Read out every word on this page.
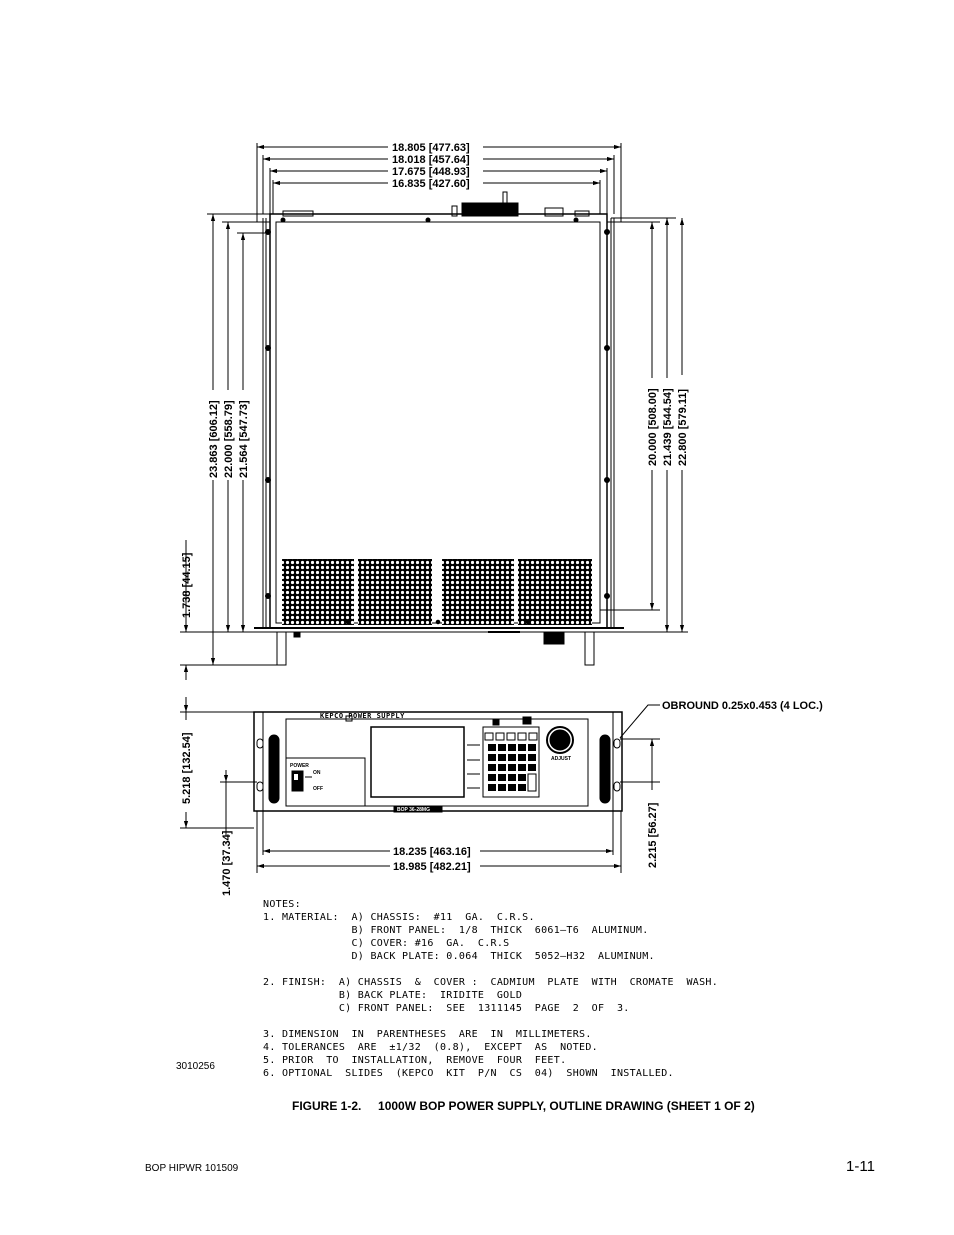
18.805 [477.63]
18.018 [457.64]
17.675 [448.93]
16.835 [427.60]
23.863 [606.12] 22.000 [558.79] 21.564 [547.73]
1.738 [44.15]
20.000 [508.00] 21.439 [544.54] 22.800 [579.11]
KEPCO POWER SUPPLY
BOP 36-28MG
POWER
ON
OFF
ADJUST
5.218 [132.54]
1.470 [37.34]	2.215 [56.27]
18.235 [463.16]
18.985 [482.21]
OBROUND 0.25x0.453 (4 LOC.)
NOTES:
1. MATERIAL:  A) CHASSIS:  #11  GA.  C.R.S.
B) FRONT PANEL:  1/8  THICK  6061–T6  ALUMINUM.
C) COVER: #16  GA.  C.R.S
D) BACK PLATE: 0.064  THICK  5052–H32  ALUMINUM.

2. FINISH:  A) CHASSIS  &  COVER :  CADMIUM  PLATE  WITH  CROMATE  WASH.
B) BACK PLATE:  IRIDITE  GOLD
C) FRONT PANEL:  SEE  1311145  PAGE  2  OF  3.

3. DIMENSION  IN  PARENTHESES  ARE  IN  MILLIMETERS.
4. TOLERANCES  ARE  ±1/32  (0.8),  EXCEPT  AS  NOTED.
5. PRIOR  TO  INSTALLATION,  REMOVE  FOUR  FEET.
6. OPTIONAL  SLIDES  (KEPCO  KIT  P/N  CS  04)  SHOWN  INSTALLED.
3010256
FIGURE 1-2.     1000W BOP POWER SUPPLY, OUTLINE DRAWING (SHEET 1 OF 2)
BOP HIPWR 101509	1-11
